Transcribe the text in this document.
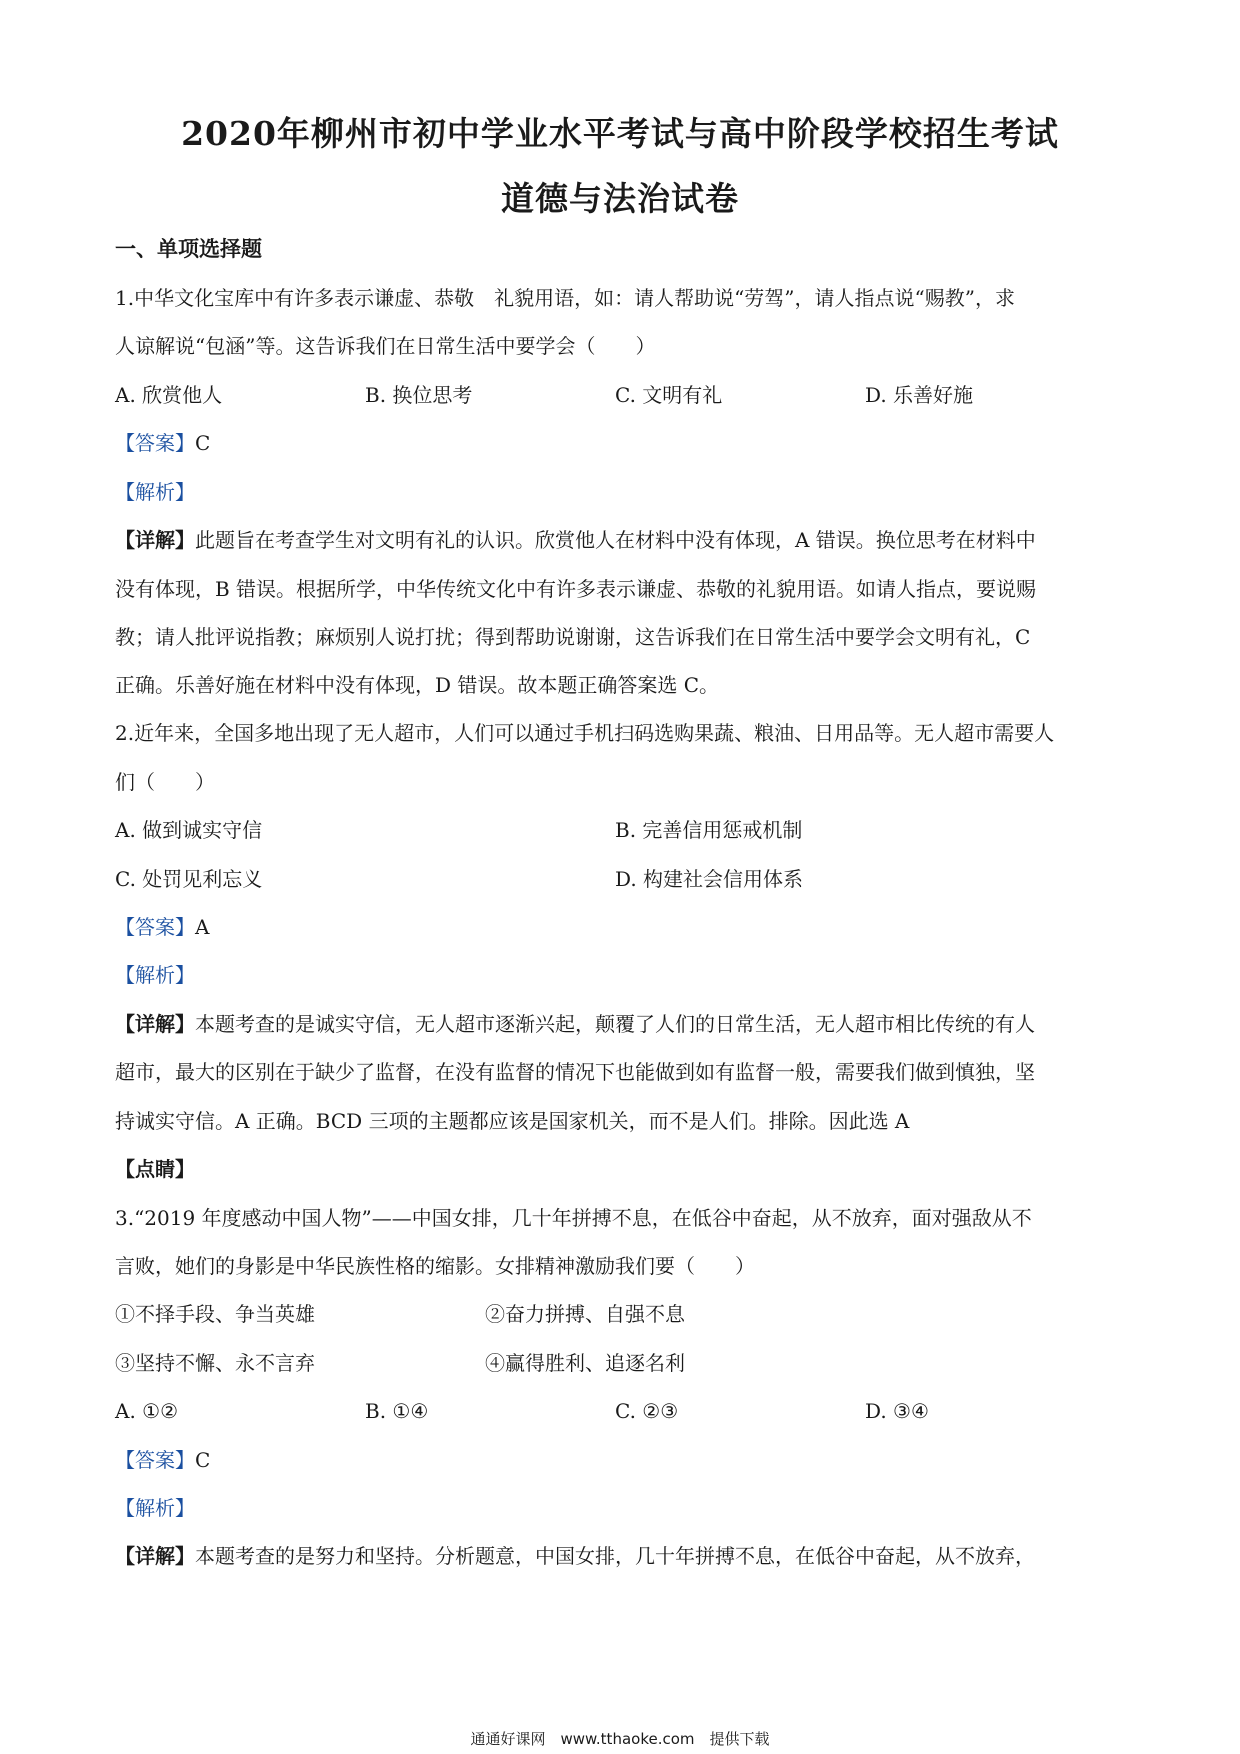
2020年柳州市初中学业水平考试与高中阶段学校招生考试
道德与法治试卷
一、单项选择题
1.中华文化宝库中有许多表示谦虚、恭敬　礼貌用语，如：请人帮助说“劳驾”，请人指点说“赐教”，求
人谅解说“包涵”等。这告诉我们在日常生活中要学会（　　）
A. 欣赏他人	B. 换位思考	C. 文明有礼	D. 乐善好施
【答案】C
【解析】
【详解】此题旨在考查学生对文明有礼的认识。欣赏他人在材料中没有体现，A 错误。换位思考在材料中
没有体现，B 错误。根据所学，中华传统文化中有许多表示谦虚、恭敬的礼貌用语。如请人指点，要说赐
教；请人批评说指教；麻烦别人说打扰；得到帮助说谢谢，这告诉我们在日常生活中要学会文明有礼，C
正确。乐善好施在材料中没有体现，D 错误。故本题正确答案选 C。
2.近年来，全国多地出现了无人超市，人们可以通过手机扫码选购果蔬、粮油、日用品等。无人超市需要人
们（　　）
A. 做到诚实守信	B. 完善信用惩戒机制
C. 处罚见利忘义	D. 构建社会信用体系
【答案】A
【解析】
【详解】本题考查的是诚实守信，无人超市逐渐兴起，颠覆了人们的日常生活，无人超市相比传统的有人
超市，最大的区别在于缺少了监督，在没有监督的情况下也能做到如有监督一般，需要我们做到慎独，坚
持诚实守信。A 正确。BCD 三项的主题都应该是国家机关，而不是人们。排除。因此选 A
【点睛】
3.“2019 年度感动中国人物”——中国女排，几十年拼搏不息，在低谷中奋起，从不放弃，面对强敌从不
言败，她们的身影是中华民族性格的缩影。女排精神激励我们要（　　）
①不择手段、争当英雄	②奋力拼搏、自强不息
③坚持不懈、永不言弃	④赢得胜利、追逐名利
A. ①②	B. ①④	C. ②③	D. ③④
【答案】C
【解析】
【详解】本题考查的是努力和坚持。分析题意，中国女排，几十年拼搏不息，在低谷中奋起，从不放弃，
通通好课网　www.tthaoke.com　提供下载
